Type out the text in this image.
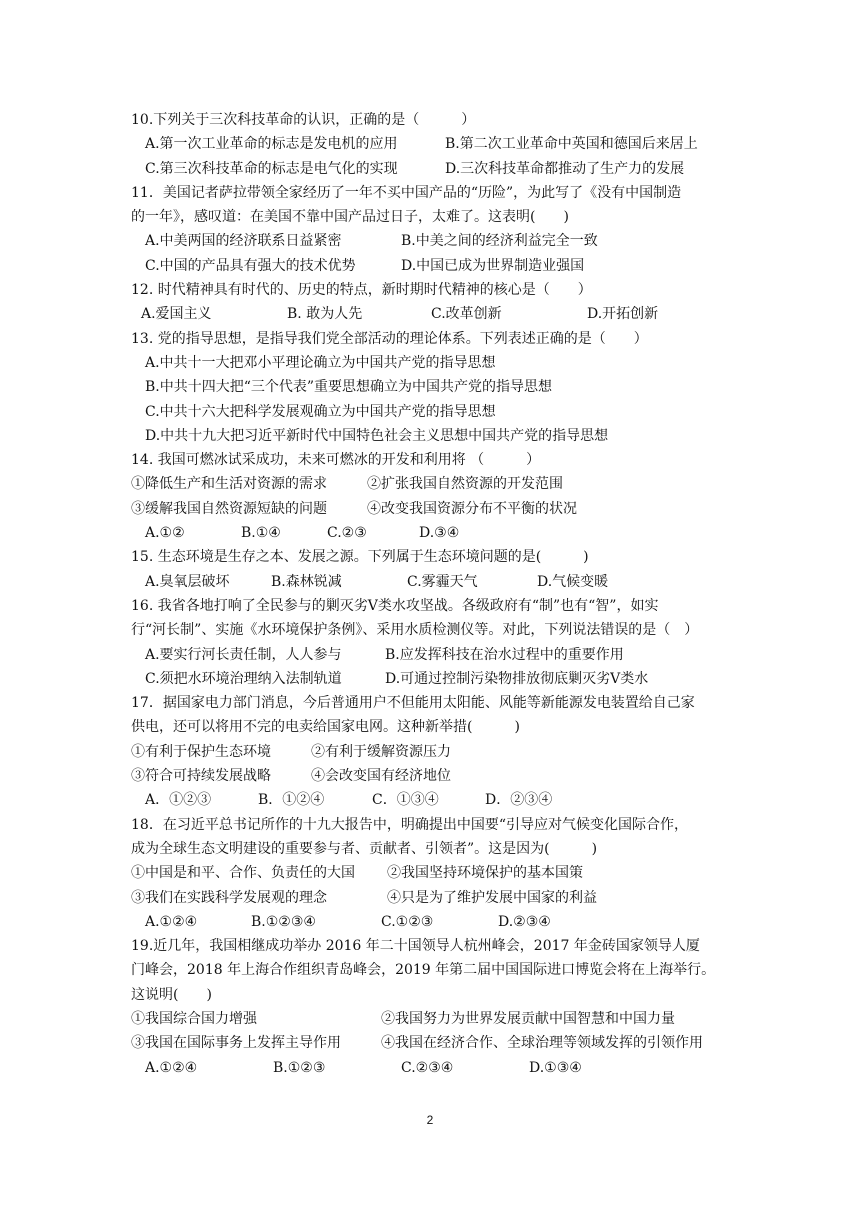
10.下列关于三次科技革命的认识，正确的是（　　　）
A.第一次工业革命的标志是发电机的应用	B.第二次工业革命中英国和德国后来居上
C.第三次科技革命的标志是电气化的实现	D.三次科技革命都推动了生产力的发展
11．美国记者萨拉带领全家经历了一年不买中国产品的“历险”，为此写了《没有中国制造
的一年》，感叹道：在美国不靠中国产品过日子，太难了。这表明(　　)
A.中美两国的经济联系日益紧密	B.中美之间的经济利益完全一致
C.中国的产品具有强大的技术优势	D.中国已成为世界制造业强国
12. 时代精神具有时代的、历史的特点，新时期时代精神的核心是（　　）
A.爱国主义	B. 敢为人先	C.改革创新	D.开拓创新
13. 党的指导思想，是指导我们党全部活动的理论体系。下列表述正确的是（　　）
A.中共十一大把邓小平理论确立为中国共产党的指导思想
B.中共十四大把“三个代表”重要思想确立为中国共产党的指导思想
C.中共十六大把科学发展观确立为中国共产党的指导思想
D.中共十九大把习近平新时代中国特色社会主义思想中国共产党的指导思想
14. 我国可燃冰试采成功，未来可燃冰的开发和利用将 （　　　）
①降低生产和生活对资源的需求	②扩张我国自然资源的开发范围
③缓解我国自然资源短缺的问题	④改变我国资源分布不平衡的状况
A.①②	B.①④	C.②③	D.③④
15. 生态环境是生存之本、发展之源。下列属于生态环境问题的是(　　　)
A.臭氧层破坏	B.森林锐减	C.雾霾天气	D.气候变暖
16. 我省各地打响了全民参与的剿灭劣Ⅴ类水攻坚战。各级政府有“制”也有“智”，如实
行“河长制”、实施《水环境保护条例》、采用水质检测仪等。对此，下列说法错误的是（　）
A.要实行河长责任制，人人参与	B.应发挥科技在治水过程中的重要作用
C.须把水环境治理纳入法制轨道	D.可通过控制污染物排放彻底剿灭劣Ⅴ类水
17．据国家电力部门消息，今后普通用户不但能用太阳能、风能等新能源发电装置给自己家
供电，还可以将用不完的电卖给国家电网。这种新举措(　　　)
①有利于保护生态环境	②有利于缓解资源压力
③符合可持续发展战略	④会改变国有经济地位
A．①②③	B．①②④	C．①③④	D．②③④
18．在习近平总书记所作的十九大报告中，明确提出中国要“引导应对气候变化国际合作，
成为全球生态文明建设的重要参与者、贡献者、引领者”。这是因为(　　　)
①中国是和平、合作、负责任的大国	②我国坚持环境保护的基本国策
③我们在实践科学发展观的理念	④只是为了维护发展中国家的利益
A.①②④	B.①②③④	C.①②③	D.②③④
19.近几年，我国相继成功举办 2016 年二十国领导人杭州峰会，2017 年金砖国家领导人厦
门峰会，2018 年上海合作组织青岛峰会，2019 年第二届中国国际进口博览会将在上海举行。
这说明(　　)
①我国综合国力增强	②我国努力为世界发展贡献中国智慧和中国力量
③我国在国际事务上发挥主导作用	④我国在经济合作、全球治理等领域发挥的引领作用
A.①②④	B.①②③	C.②③④	D.①③④
2
